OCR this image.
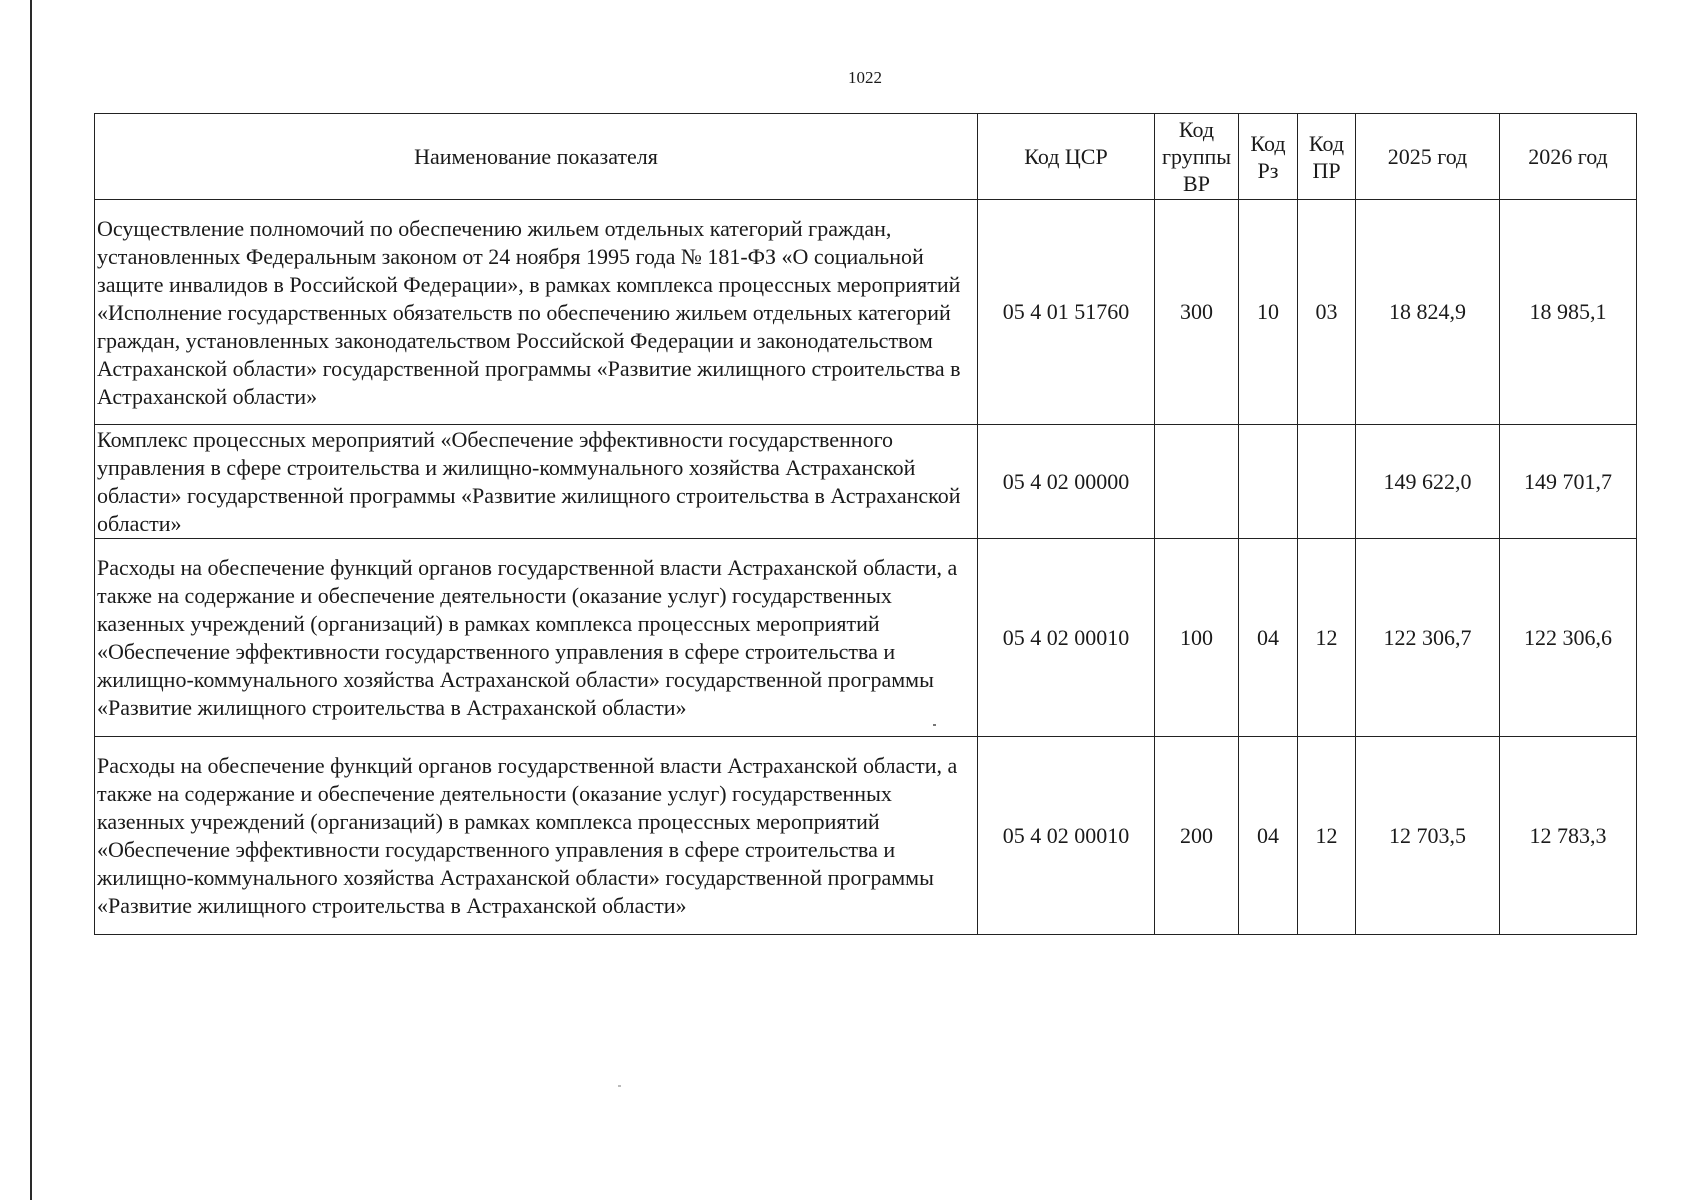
1022
Наименование показателя	Код ЦСР	Код группы ВР	Код Рз	Код ПР	2025 год	2026 год
Осуществление полномочий по обеспечению жильем отдельных категорий граждан, установленных Федеральным законом от 24 ноября 1995 года № 181-ФЗ «О социальной защите инвалидов в Российской Федерации», в рамках комплекса процессных мероприятий «Исполнение государственных обязательств по обеспечению жильем отдельных категорий граждан, установленных законодательством Российской Федерации и законодательством Астраханской области» государственной программы «Развитие жилищного строительства в Астраханской области»	05 4 01 51760	300	10	03	18 824,9	18 985,1
Комплекс процессных мероприятий «Обеспечение эффективности государственного управления в сфере строительства и жилищно-коммунального хозяйства Астраханской области» государственной программы «Развитие жилищного строительства в Астраханской области»	05 4 02 00000				149 622,0	149 701,7
Расходы на обеспечение функций органов государственной власти Астраханской области, а также на содержание и обеспечение деятельности (оказание услуг) государственных казенных учреждений (организаций) в рамках комплекса процессных мероприятий «Обеспечение эффективности государственного управления в сфере строительства и жилищно-коммунального хозяйства Астраханской области» государственной программы «Развитие жилищного строительства в Астраханской области»	05 4 02 00010	100	04	12	122 306,7	122 306,6
Расходы на обеспечение функций органов государственной власти Астраханской области, а также на содержание и обеспечение деятельности (оказание услуг) государственных казенных учреждений (организаций) в рамках комплекса процессных мероприятий «Обеспечение эффективности государственного управления в сфере строительства и жилищно-коммунального хозяйства Астраханской области» государственной программы «Развитие жилищного строительства в Астраханской области»	05 4 02 00010	200	04	12	12 703,5	12 783,3
